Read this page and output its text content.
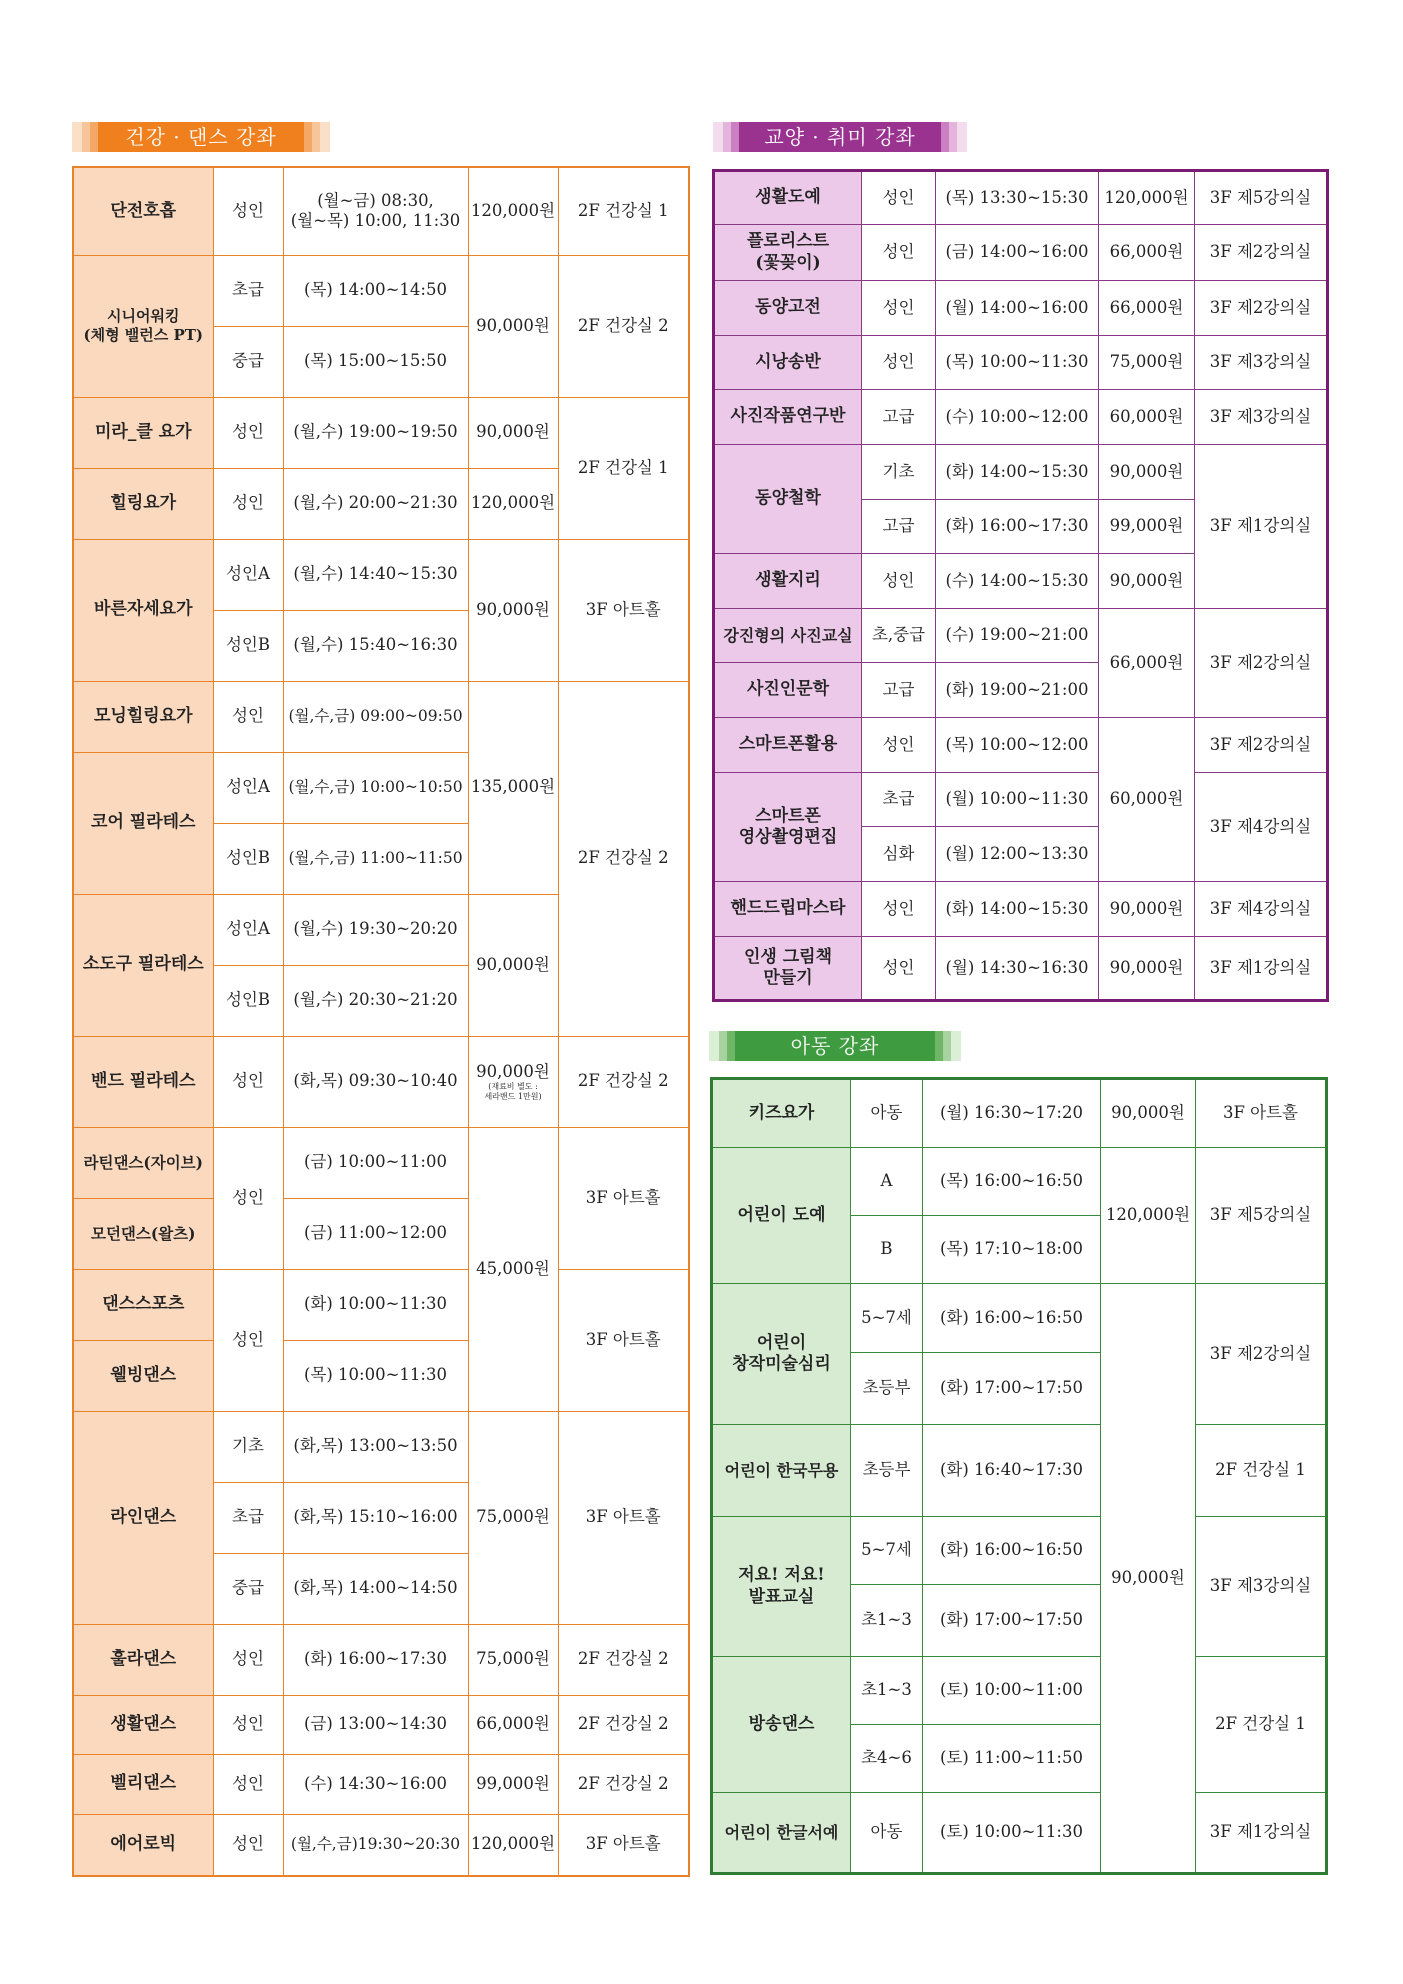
건강 · 댄스 강좌
단전호흡	성인	(월~금) 08:30,
(월~목) 10:00, 11:30	120,000원	2F 건강실 1

시니어워킹
(체형 밸런스 PT)	초급	(목) 14:00~14:50	90,000원	2F 건강실 2
	중급	(목) 15:00~15:50		
미라_클 요가	성인	(월,수) 19:00~19:50	90,000원	2F 건강실 1
힐링요가	성인	(월,수) 20:00~21:30	120,000원	
바른자세요가	성인A	(월,수) 14:40~15:30	90,000원	3F 아트홀
	성인B	(월,수) 15:40~16:30		
모닝힐링요가	성인	(월,수,금) 09:00~09:50	135,000원	2F 건강실 2
코어 필라테스	성인A	(월,수,금) 10:00~10:50		
	성인B	(월,수,금) 11:00~11:50		
소도구 필라테스	성인A	(월,수) 19:30~20:20	90,000원	
	성인B	(월,수) 20:30~21:20		
밴드 필라테스	성인	(화,목) 09:30~10:40	90,000원
(재료비 별도 :
세라밴드 1만원)	2F 건강실 2
라틴댄스(자이브)	성인	(금) 10:00~11:00	45,000원	3F 아트홀
모던댄스(왈츠)		(금) 11:00~12:00		
댄스스포츠	성인	(화) 10:00~11:30		3F 아트홀
웰빙댄스		(목) 10:00~11:30		
라인댄스	기초	(화,목) 13:00~13:50	75,000원	3F 아트홀
	초급	(화,목) 15:10~16:00		
	중급	(화,목) 14:00~14:50		
훌라댄스	성인	(화) 16:00~17:30	75,000원	2F 건강실 2
생활댄스	성인	(금) 13:00~14:30	66,000원	2F 건강실 2
벨리댄스	성인	(수) 14:30~16:00	99,000원	2F 건강실 2
에어로빅	성인	(월,수,금)19:30~20:30	120,000원	3F 아트홀
교양 · 취미 강좌
생활도예	성인	(목) 13:30~15:30	120,000원	3F 제5강의실

플로리스트
(꽃꽂이)	성인	(금) 14:00~16:00	66,000원	3F 제2강의실
동양고전	성인	(월) 14:00~16:00	66,000원	3F 제2강의실
시낭송반	성인	(목) 10:00~11:30	75,000원	3F 제3강의실
사진작품연구반	고급	(수) 10:00~12:00	60,000원	3F 제3강의실
동양철학	기초	(화) 14:00~15:30	90,000원	3F 제1강의실
	고급	(화) 16:00~17:30	99,000원	
생활지리	성인	(수) 14:00~15:30	90,000원	
강진형의 사진교실	초,중급	(수) 19:00~21:00	66,000원	3F 제2강의실
사진인문학	고급	(화) 19:00~21:00		
스마트폰활용	성인	(목) 10:00~12:00	60,000원	3F 제2강의실

스마트폰
영상촬영편집	초급	(월) 10:00~11:30		3F 제4강의실
	심화	(월) 12:00~13:30		
핸드드립마스타	성인	(화) 14:00~15:30	90,000원	3F 제4강의실

인생 그림책
만들기	성인	(월) 14:30~16:30	90,000원	3F 제1강의실
아동 강좌
키즈요가	아동	(월) 16:30~17:20	90,000원	3F 아트홀
어린이 도예	A	(목) 16:00~16:50	120,000원	3F 제5강의실
	B	(목) 17:10~18:00		

어린이
창작미술심리	5~7세	(화) 16:00~16:50	90,000원	3F 제2강의실
	초등부	(화) 17:00~17:50		
어린이 한국무용	초등부	(화) 16:40~17:30		2F 건강실 1

저요! 저요!
발표교실	5~7세	(화) 16:00~16:50		3F 제3강의실
	초1~3	(화) 17:00~17:50		
방송댄스	초1~3	(토) 10:00~11:00		2F 건강실 1
	초4~6	(토) 11:00~11:50		
어린이 한글서예	아동	(토) 10:00~11:30		3F 제1강의실
